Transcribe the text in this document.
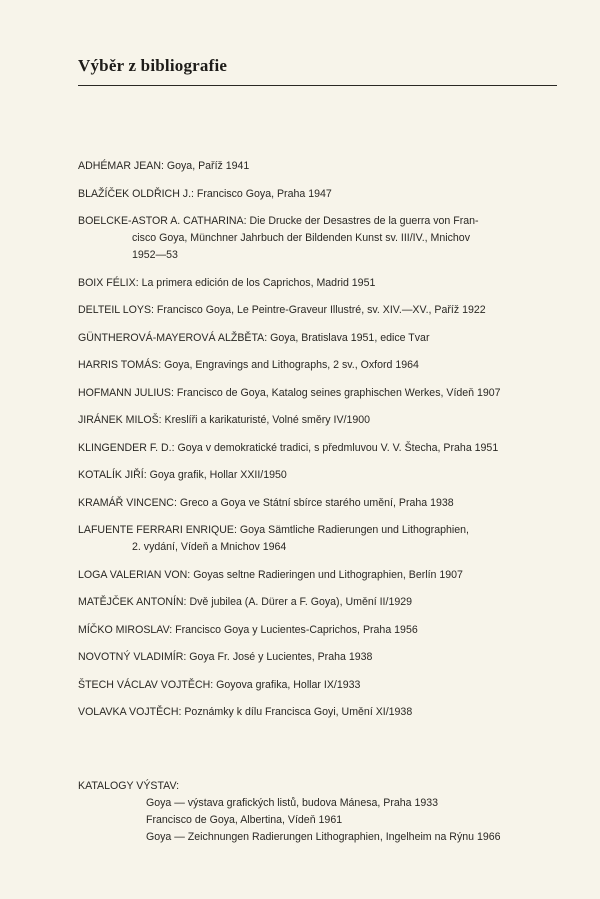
Výběr z bibliografie
ADHÉMAR JEAN: Goya, Paříž 1941
BLAŽÍČEK OLDŘICH J.: Francisco Goya, Praha 1947
BOELCKE-ASTOR A. CATHARINA: Die Drucke der Desastres de la guerra von Fran-
cisco Goya, Münchner Jahrbuch der Bildenden Kunst sv. III/IV., Mnichov
1952—53
BOIX FÉLIX: La primera edición de los Caprichos, Madrid 1951
DELTEIL LOYS: Francisco Goya, Le Peintre-Graveur Illustré, sv. XIV.—XV., Paříž 1922
GÜNTHEROVÁ-MAYEROVÁ ALŽBĚTA: Goya, Bratislava 1951, edice Tvar
HARRIS TOMÁS: Goya, Engravings and Lithographs, 2 sv., Oxford 1964
HOFMANN JULIUS: Francisco de Goya, Katalog seines graphischen Werkes, Vídeň 1907
JIRÁNEK MILOŠ: Kreslíři a karikaturisté, Volné směry IV/1900
KLINGENDER F. D.: Goya v demokratické tradici, s předmluvou V. V. Štecha, Praha 1951
KOTALÍK JIŘÍ: Goya grafik, Hollar XXII/1950
KRAMÁŘ VINCENC: Greco a Goya ve Státní sbírce starého umění, Praha 1938
LAFUENTE FERRARI ENRIQUE: Goya Sämtliche Radierungen und Lithographien,
2. vydání, Vídeň a Mnichov 1964
LOGA VALERIAN VON: Goyas seltne Radieringen und Lithographien, Berlín 1907
MATĚJČEK ANTONÍN: Dvě jubilea (A. Dürer a F. Goya), Umění II/1929
MÍČKO MIROSLAV: Francisco Goya y Lucientes-Caprichos, Praha 1956
NOVOTNÝ VLADIMÍR: Goya Fr. José y Lucientes, Praha 1938
ŠTECH VÁCLAV VOJTĚCH: Goyova grafika, Hollar IX/1933
VOLAVKA VOJTĚCH: Poznámky k dílu Francisca Goyi, Umění XI/1938
KATALOGY VÝSTAV:
Goya — výstava grafických listů, budova Mánesa, Praha 1933
Francisco de Goya, Albertina, Vídeň 1961
Goya — Zeichnungen Radierungen Lithographien, Ingelheim na Rýnu 1966
